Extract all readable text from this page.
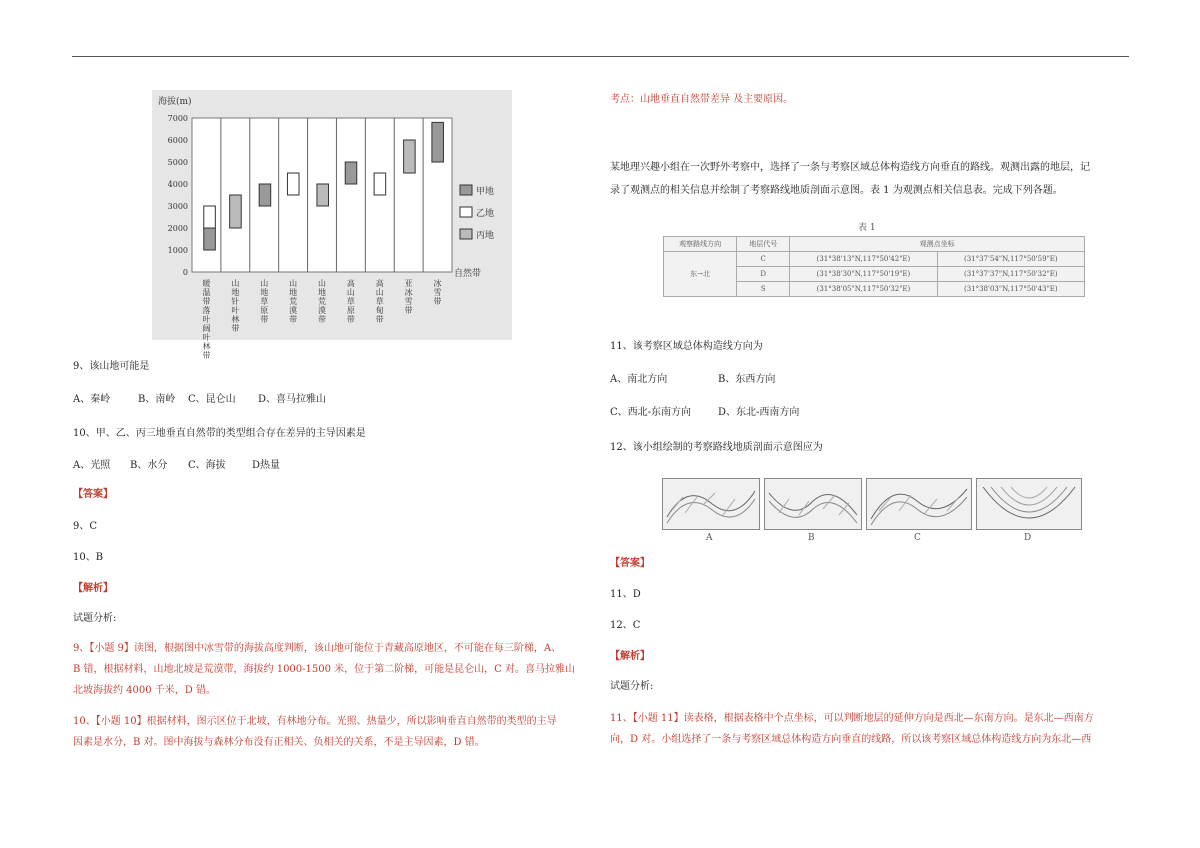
海拔(m)
7000
6000
5000
4000
3000
2000
1000
0
甲地
乙地
丙地
自然带
暖
温
带
落
叶
阔
叶
林
带
山
地
针
叶
林
带
山
地
草
原
带
山
地
荒
漠
带
山
地
荒
漠
带
高
山
草
原
带
高
山
草
甸
带
亚
冰
雪
带
冰
雪
带
9、该山地可能是
A、秦岭	B、南岭 C、昆仑山 D、喜马拉雅山
10、甲、乙、丙三地垂直自然带的类型组合存在差异的主导因素是
A、光照 B、水分 C、海拔	D热量
【答案】
9、C
10、B
【解析】
试题分析:
9、【小题 9】读图，根据图中冰雪带的海拔高度判断，该山地可能位于青藏高原地区，不可能在每三阶梯，A、
B 错，根据材料，山地北坡是荒漠带，海拔约 1000-1500 米，位于第二阶梯，可能是昆仑山，C 对。喜马拉雅山
北坡海拔约 4000 千米，D 错。
10、【小题 10】根据材料，图示区位于北坡，有林地分布。光照、热量少，所以影响垂直自然带的类型的主导
因素是水分，B 对。图中海拔与森林分布没有正相关、负相关的关系，不是主导因素，D 错。
考点：山地垂直自然带差异 及主要原因。
某地理兴趣小组在一次野外考察中，选择了一条与考察区域总体构造线方向垂直的路线。观测出露的地层，记
录了观测点的相关信息并绘制了考察路线地质剖面示意图。表 1 为观测点相关信息表。完成下列各题。
表 1
观察路线方向	地层代号	观测点坐标	
东→北	C	(31°38'13"N,117°50'42"E)	(31°37'54"N,117°50'59"E)
	D	(31°38'30"N,117°50'19"E)	(31°37'37"N,117°50'32"E)
	S	(31°38'05"N,117°50'32"E)	(31°38'03"N,117°50'43"E)
11、该考察区域总体构造线方向为
A、南北方向	B、东西方向
C、西北-东南方向	D、东北-西南方向
12、该小组绘制的考察路线地质剖面示意图应为
A	B	C	D
【答案】
11、D
12、C
【解析】
试题分析:
11、【小题 11】读表格，根据表格中个点坐标，可以判断地层的延伸方向是西北—东南方向。是东北—西南方
向，D 对。小组选择了一条与考察区域总体构造方向垂直的线路，所以该考察区域总体构造线方向为东北—西
